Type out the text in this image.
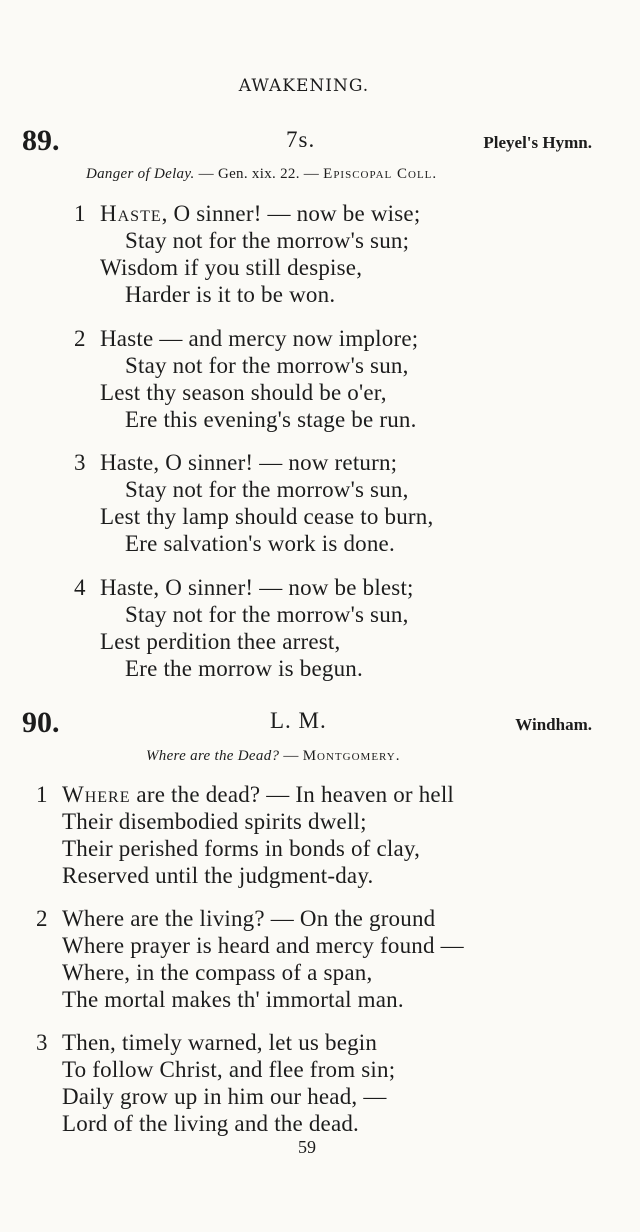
AWAKENING.
89.	7s.	Pleyel's Hymn.
Danger of Delay. — Gen. xix. 22. — Episcopal Coll.
1 Haste, O sinner! — now be wise;
Stay not for the morrow's sun;
Wisdom if you still despise,
Harder is it to be won.
2 Haste — and mercy now implore;
Stay not for the morrow's sun,
Lest thy season should be o'er,
Ere this evening's stage be run.
3 Haste, O sinner! — now return;
Stay not for the morrow's sun,
Lest thy lamp should cease to burn,
Ere salvation's work is done.
4 Haste, O sinner! — now be blest;
Stay not for the morrow's sun,
Lest perdition thee arrest,
Ere the morrow is begun.
90.	L. M.	Windham.
Where are the Dead? — Montgomery.
1 Where are the dead? — In heaven or hell
Their disembodied spirits dwell;
Their perished forms in bonds of clay,
Reserved until the judgment-day.
2 Where are the living? — On the ground
Where prayer is heard and mercy found —
Where, in the compass of a span,
The mortal makes th' immortal man.
3 Then, timely warned, let us begin
To follow Christ, and flee from sin;
Daily grow up in him our head, —
Lord of the living and the dead.
59
